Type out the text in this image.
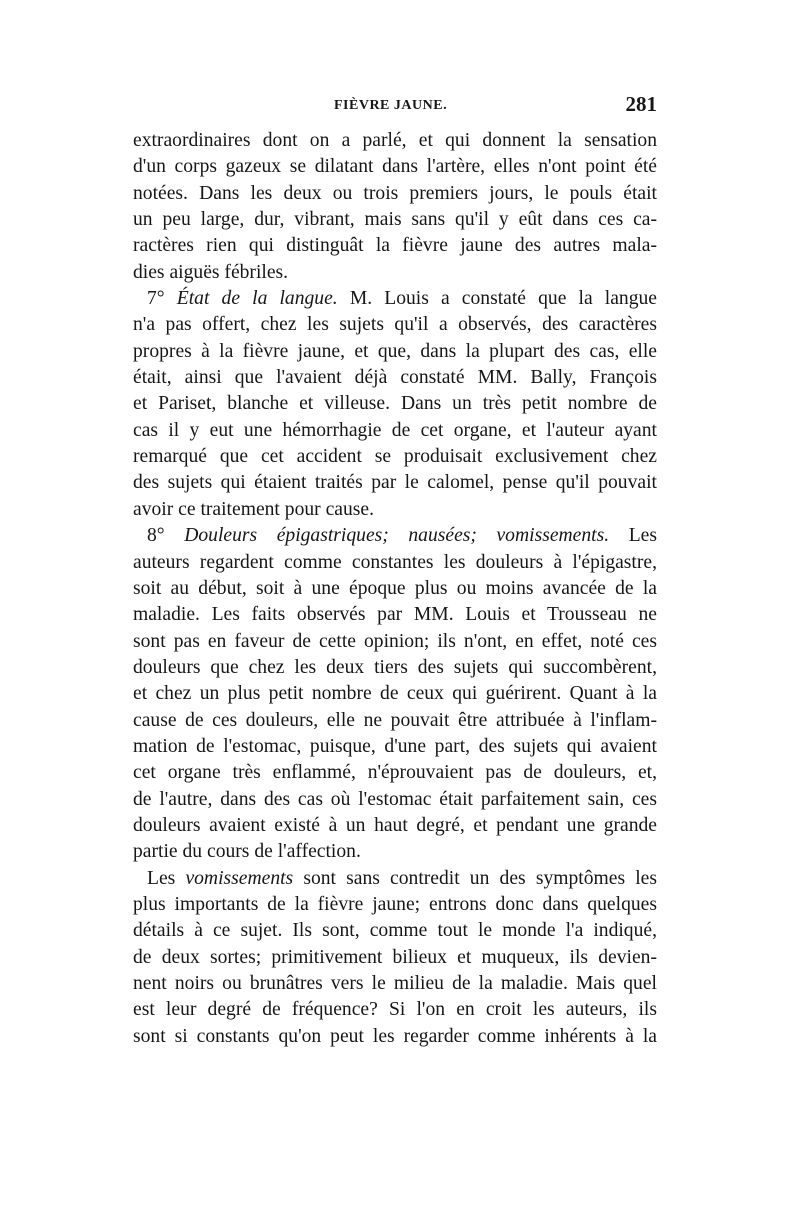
FIÈVRE JAUNE.	281
extraordinaires dont on a parlé, et qui donnent la sensation
d'un corps gazeux se dilatant dans l'artère, elles n'ont point été
notées. Dans les deux ou trois premiers jours, le pouls était
un peu large, dur, vibrant, mais sans qu'il y eût dans ces ca-
ractères rien qui distinguât la fièvre jaune des autres mala-
dies aiguës fébriles.
7° État de la langue. M. Louis a constaté que la langue
n'a pas offert, chez les sujets qu'il a observés, des caractères
propres à la fièvre jaune, et que, dans la plupart des cas, elle
était, ainsi que l'avaient déjà constaté MM. Bally, François
et Pariset, blanche et villeuse. Dans un très petit nombre de
cas il y eut une hémorrhagie de cet organe, et l'auteur ayant
remarqué que cet accident se produisait exclusivement chez
des sujets qui étaient traités par le calomel, pense qu'il pouvait
avoir ce traitement pour cause.
8° Douleurs épigastriques; nausées; vomissements. Les
auteurs regardent comme constantes les douleurs à l'épigastre,
soit au début, soit à une époque plus ou moins avancée de la
maladie. Les faits observés par MM. Louis et Trousseau ne
sont pas en faveur de cette opinion; ils n'ont, en effet, noté ces
douleurs que chez les deux tiers des sujets qui succombèrent,
et chez un plus petit nombre de ceux qui guérirent. Quant à la
cause de ces douleurs, elle ne pouvait être attribuée à l'inflam-
mation de l'estomac, puisque, d'une part, des sujets qui avaient
cet organe très enflammé, n'éprouvaient pas de douleurs, et,
de l'autre, dans des cas où l'estomac était parfaitement sain, ces
douleurs avaient existé à un haut degré, et pendant une grande
partie du cours de l'affection.
Les vomissements sont sans contredit un des symptômes les
plus importants de la fièvre jaune; entrons donc dans quelques
détails à ce sujet. Ils sont, comme tout le monde l'a indiqué,
de deux sortes; primitivement bilieux et muqueux, ils devien-
nent noirs ou brunâtres vers le milieu de la maladie. Mais quel
est leur degré de fréquence? Si l'on en croit les auteurs, ils
sont si constants qu'on peut les regarder comme inhérents à la
